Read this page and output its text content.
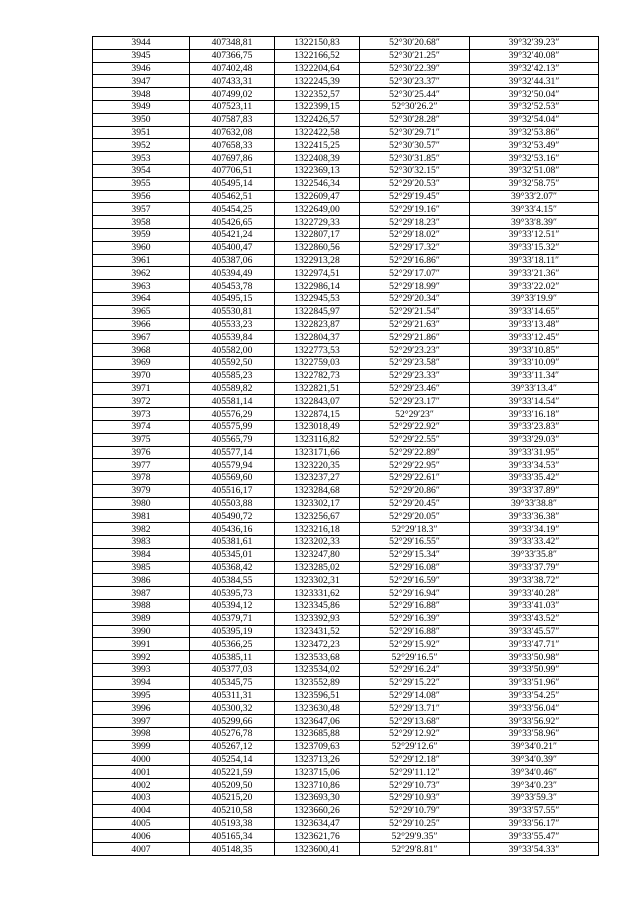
3944	407348,81	1322150,83	52°30′20.68″	39°32′39.23″
3945	407366,75	1322166,52	52°30′21.25″	39°32′40.08″
3946	407402,48	1322204,64	52°30′22.39″	39°32′42.13″
3947	407433,31	1322245,39	52°30′23.37″	39°32′44.31″
3948	407499,02	1322352,57	52°30′25.44″	39°32′50.04″
3949	407523,11	1322399,15	52°30′26.2″	39°32′52.53″
3950	407587,83	1322426,57	52°30′28.28″	39°32′54.04″
3951	407632,08	1322422,58	52°30′29.71″	39°32′53.86″
3952	407658,33	1322415,25	52°30′30.57″	39°32′53.49″
3953	407697,86	1322408,39	52°30′31.85″	39°32′53.16″
3954	407706,51	1322369,13	52°30′32.15″	39°32′51.08″
3955	405495,14	1322546,34	52°29′20.53″	39°32′58.75″
3956	405462,51	1322609,47	52°29′19.45″	39°33′2.07″
3957	405454,25	1322649,00	52°29′19.16″	39°33′4.15″
3958	405426,65	1322729,33	52°29′18.23″	39°33′8.39″
3959	405421,24	1322807,17	52°29′18.02″	39°33′12.51″
3960	405400,47	1322860,56	52°29′17.32″	39°33′15.32″
3961	405387,06	1322913,28	52°29′16.86″	39°33′18.11″
3962	405394,49	1322974,51	52°29′17.07″	39°33′21.36″
3963	405453,78	1322986,14	52°29′18.99″	39°33′22.02″
3964	405495,15	1322945,53	52°29′20.34″	39°33′19.9″
3965	405530,81	1322845,97	52°29′21.54″	39°33′14.65″
3966	405533,23	1322823,87	52°29′21.63″	39°33′13.48″
3967	405539,84	1322804,37	52°29′21.86″	39°33′12.45″
3968	405582,00	1322773,53	52°29′23.23″	39°33′10.85″
3969	405592,50	1322759,03	52°29′23.58″	39°33′10.09″
3970	405585,23	1322782,73	52°29′23.33″	39°33′11.34″
3971	405589,82	1322821,51	52°29′23.46″	39°33′13.4″
3972	405581,14	1322843,07	52°29′23.17″	39°33′14.54″
3973	405576,29	1322874,15	52°29′23″	39°33′16.18″
3974	405575,99	1323018,49	52°29′22.92″	39°33′23.83″
3975	405565,79	1323116,82	52°29′22.55″	39°33′29.03″
3976	405577,14	1323171,66	52°29′22.89″	39°33′31.95″
3977	405579,94	1323220,35	52°29′22.95″	39°33′34.53″
3978	405569,60	1323237,27	52°29′22.61″	39°33′35.42″
3979	405516,17	1323284,68	52°29′20.86″	39°33′37.89″
3980	405503,88	1323302,17	52°29′20.45″	39°33′38.8″
3981	405490,72	1323256,67	52°29′20.05″	39°33′36.38″
3982	405436,16	1323216,18	52°29′18.3″	39°33′34.19″
3983	405381,61	1323202,33	52°29′16.55″	39°33′33.42″
3984	405345,01	1323247,80	52°29′15.34″	39°33′35.8″
3985	405368,42	1323285,02	52°29′16.08″	39°33′37.79″
3986	405384,55	1323302,31	52°29′16.59″	39°33′38.72″
3987	405395,73	1323331,62	52°29′16.94″	39°33′40.28″
3988	405394,12	1323345,86	52°29′16.88″	39°33′41.03″
3989	405379,71	1323392,93	52°29′16.39″	39°33′43.52″
3990	405395,19	1323431,52	52°29′16.88″	39°33′45.57″
3991	405366,25	1323472,23	52°29′15.92″	39°33′47.71″
3992	405385,11	1323533,68	52°29′16.5″	39°33′50.98″
3993	405377,03	1323534,02	52°29′16.24″	39°33′50.99″
3994	405345,75	1323552,89	52°29′15.22″	39°33′51.96″
3995	405311,31	1323596,51	52°29′14.08″	39°33′54.25″
3996	405300,32	1323630,48	52°29′13.71″	39°33′56.04″
3997	405299,66	1323647,06	52°29′13.68″	39°33′56.92″
3998	405276,78	1323685,88	52°29′12.92″	39°33′58.96″
3999	405267,12	1323709,63	52°29′12.6″	39°34′0.21″
4000	405254,14	1323713,26	52°29′12.18″	39°34′0.39″
4001	405221,59	1323715,06	52°29′11.12″	39°34′0.46″
4002	405209,50	1323710,86	52°29′10.73″	39°34′0.23″
4003	405215,20	1323693,30	52°29′10.93″	39°33′59.3″
4004	405210,58	1323660,26	52°29′10.79″	39°33′57.55″
4005	405193,38	1323634,47	52°29′10.25″	39°33′56.17″
4006	405165,34	1323621,76	52°29′9.35″	39°33′55.47″
4007	405148,35	1323600,41	52°29′8.81″	39°33′54.33″
